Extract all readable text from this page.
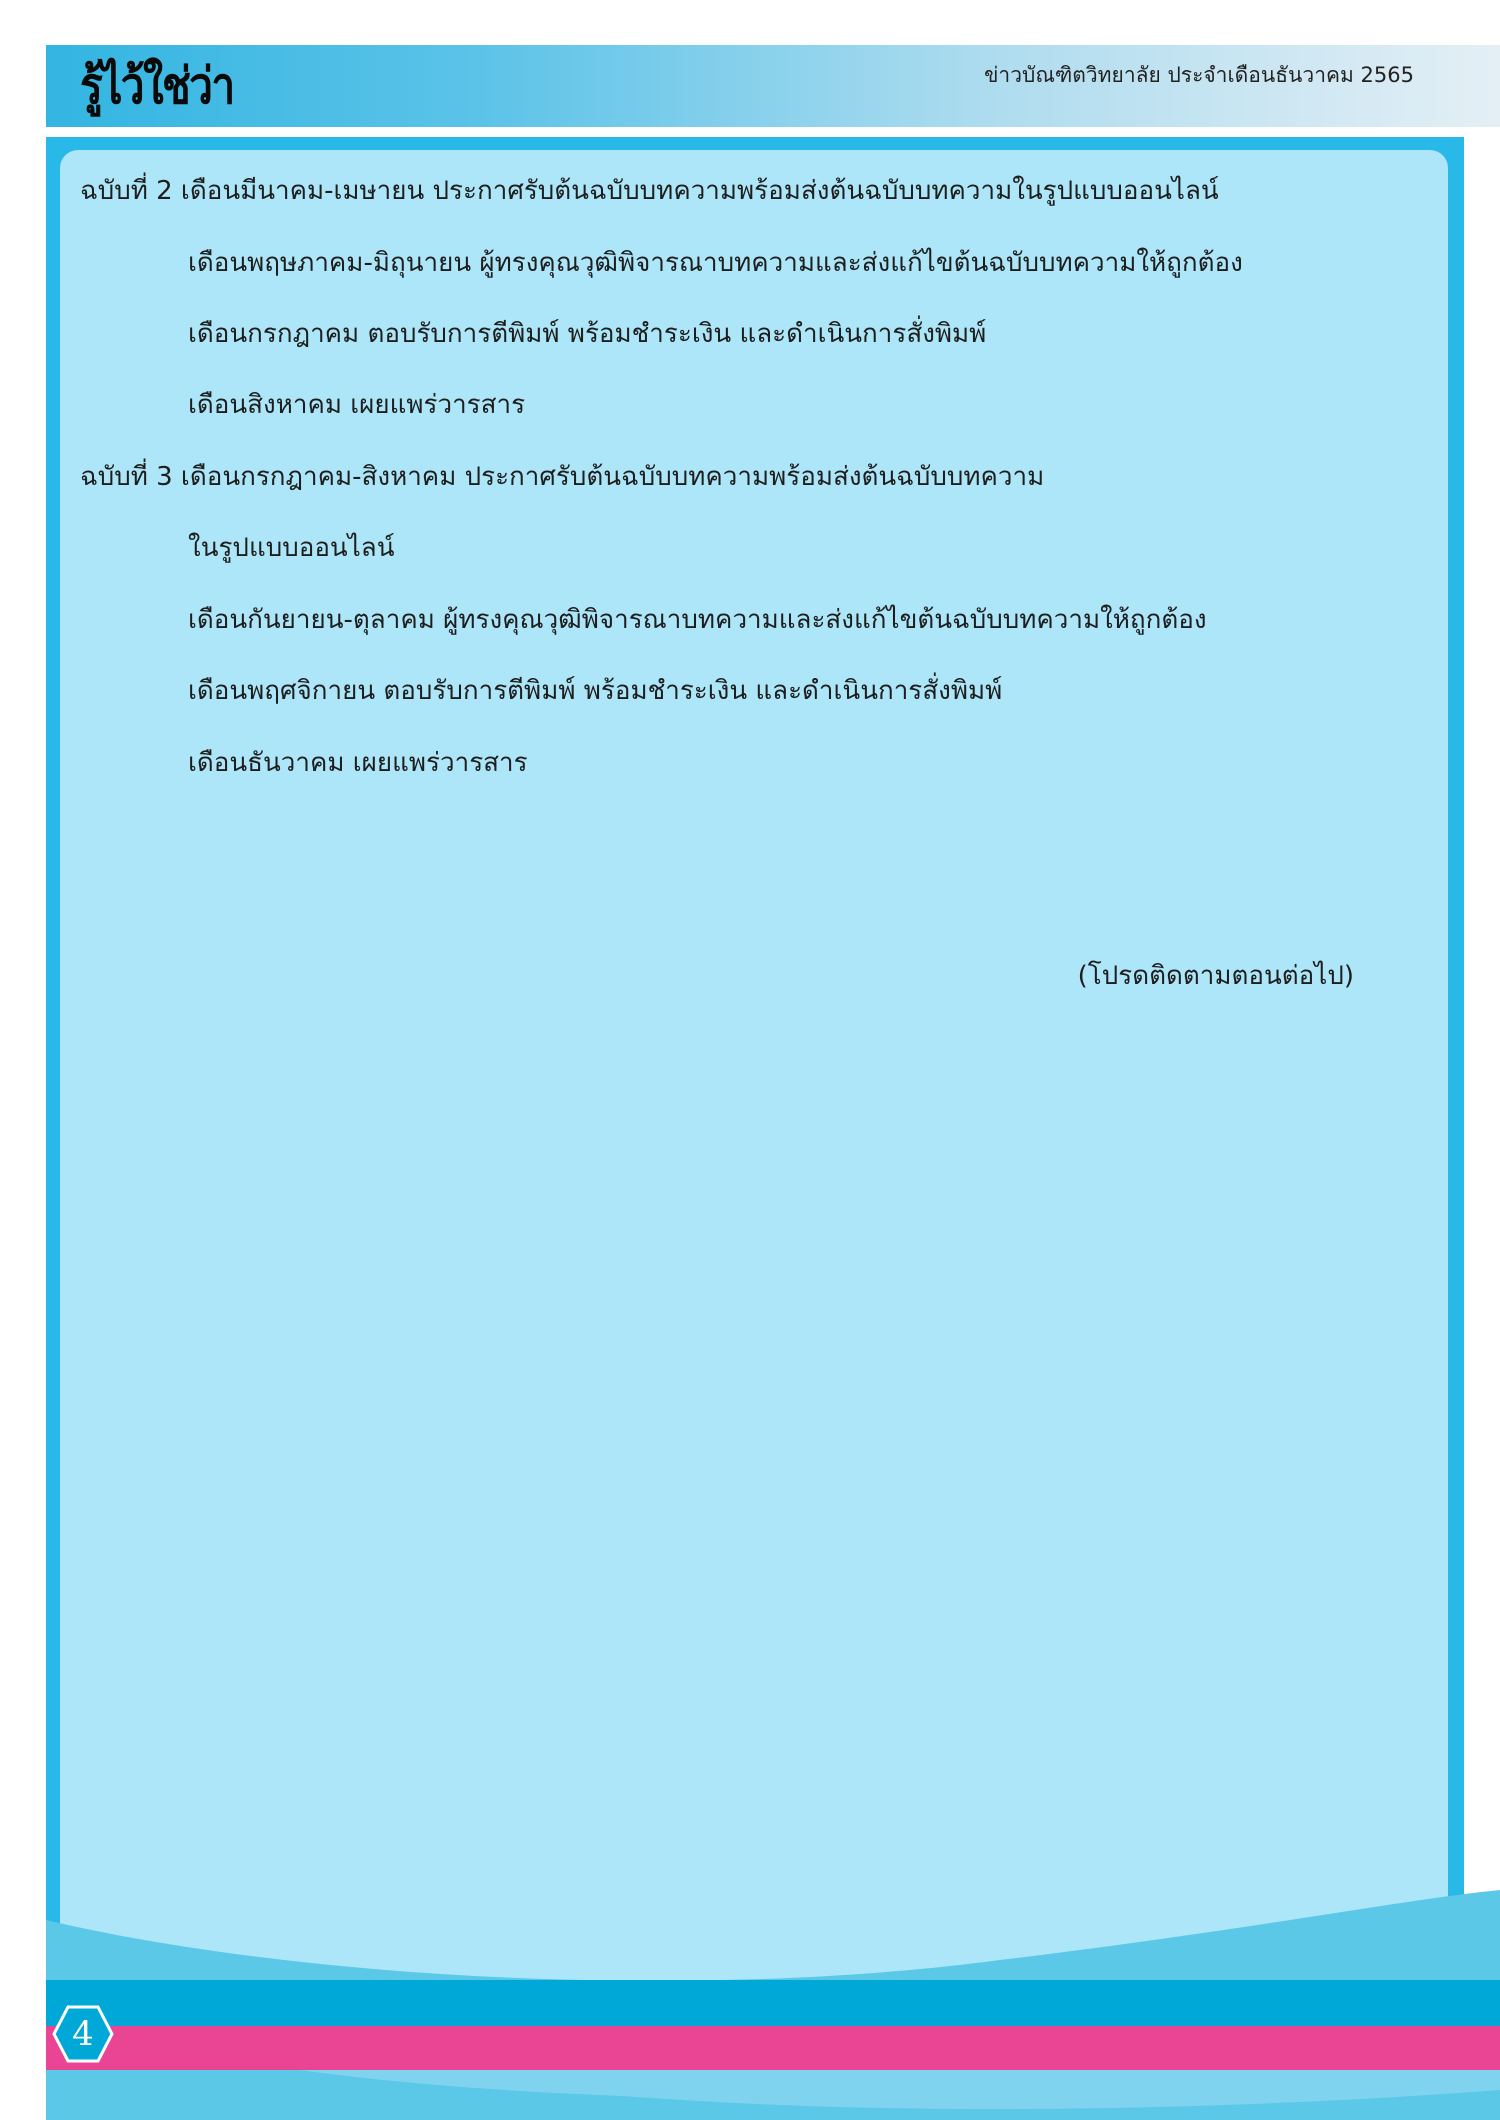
รู้ไว้ใช่ว่า	ข่าวบัณฑิตวิทยาลัย ประจำเดือนธันวาคม 2565
ฉบับที่ 2 เดือนมีนาคม-เมษายน ประกาศรับต้นฉบับบทความพร้อมส่งต้นฉบับบทความในรูปแบบออนไลน์
เดือนพฤษภาคม-มิถุนายน ผู้ทรงคุณวุฒิพิจารณาบทความและส่งแก้ไขต้นฉบับบทความให้ถูกต้อง
เดือนกรกฎาคม ตอบรับการตีพิมพ์ พร้อมชำระเงิน และดำเนินการสั่งพิมพ์
เดือนสิงหาคม เผยแพร่วารสาร
ฉบับที่ 3 เดือนกรกฎาคม-สิงหาคม ประกาศรับต้นฉบับบทความพร้อมส่งต้นฉบับบทความ
ในรูปแบบออนไลน์
เดือนกันยายน-ตุลาคม ผู้ทรงคุณวุฒิพิจารณาบทความและส่งแก้ไขต้นฉบับบทความให้ถูกต้อง
เดือนพฤศจิกายน ตอบรับการตีพิมพ์ พร้อมชำระเงิน และดำเนินการสั่งพิมพ์
เดือนธันวาคม เผยแพร่วารสาร
(โปรดติดตามตอนต่อไป)
4
